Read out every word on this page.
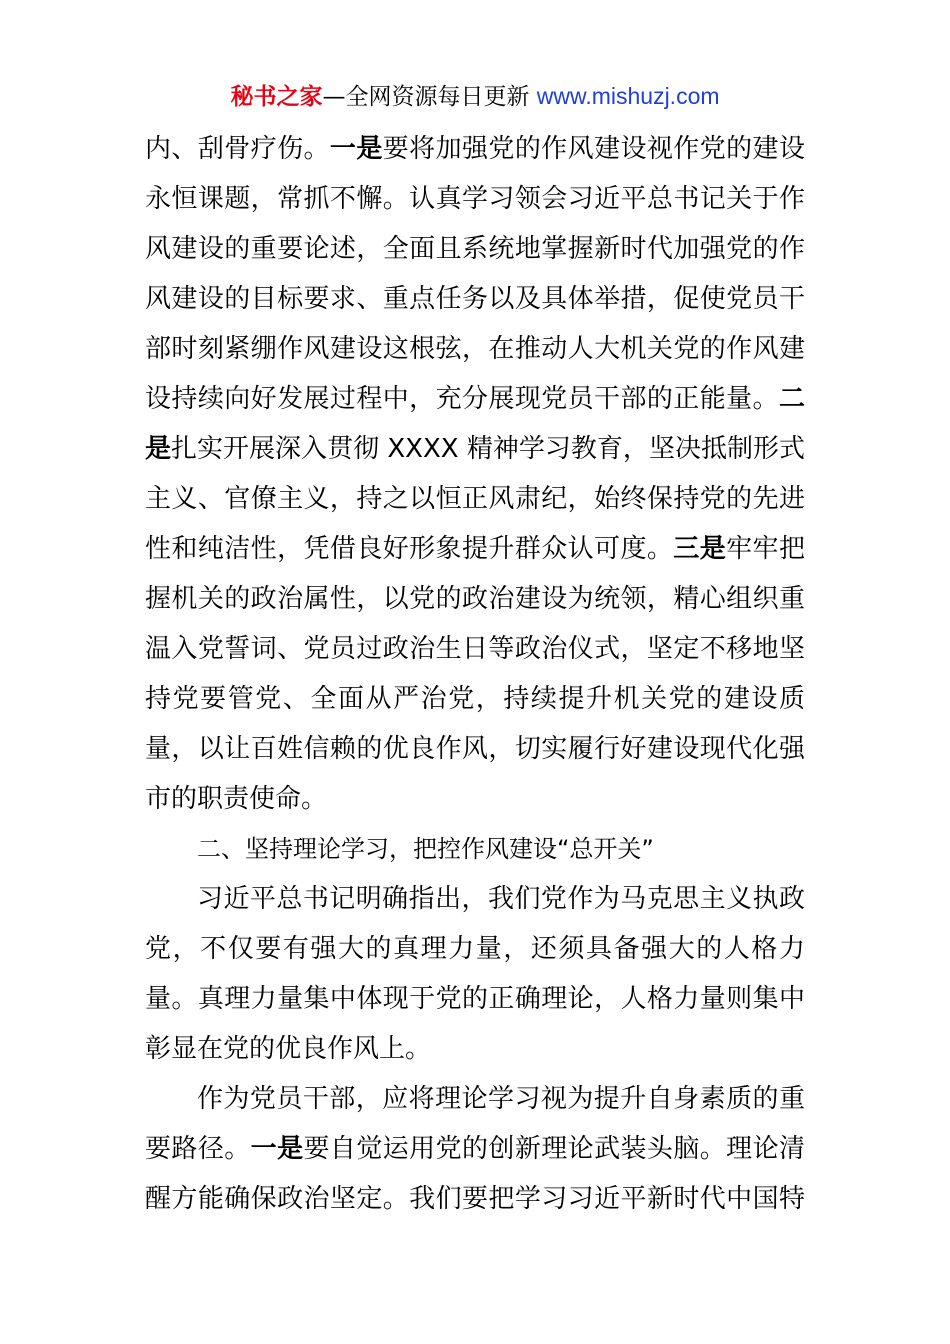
秘书之家—全网资源每日更新 www.mishuzj.com
内、刮骨疗伤。一是要将加强党的作风建设视作党的建设
永恒课题，常抓不懈。认真学习领会习近平总书记关于作
风建设的重要论述，全面且系统地掌握新时代加强党的作
风建设的目标要求、重点任务以及具体举措，促使党员干
部时刻紧绷作风建设这根弦，在推动人大机关党的作风建
设持续向好发展过程中，充分展现党员干部的正能量。二
是扎实开展深入贯彻 XXXX 精神学习教育，坚决抵制形式
主义、官僚主义，持之以恒正风肃纪，始终保持党的先进
性和纯洁性，凭借良好形象提升群众认可度。三是牢牢把
握机关的政治属性，以党的政治建设为统领，精心组织重
温入党誓词、党员过政治生日等政治仪式，坚定不移地坚
持党要管党、全面从严治党，持续提升机关党的建设质
量，以让百姓信赖的优良作风，切实履行好建设现代化强
市的职责使命。
二、坚持理论学习，把控作风建设“总开关”
习近平总书记明确指出，我们党作为马克思主义执政
党，不仅要有强大的真理力量，还须具备强大的人格力
量。真理力量集中体现于党的正确理论，人格力量则集中
彰显在党的优良作风上。
作为党员干部，应将理论学习视为提升自身素质的重
要路径。一是要自觉运用党的创新理论武装头脑。理论清
醒方能确保政治坚定。我们要把学习习近平新时代中国特
